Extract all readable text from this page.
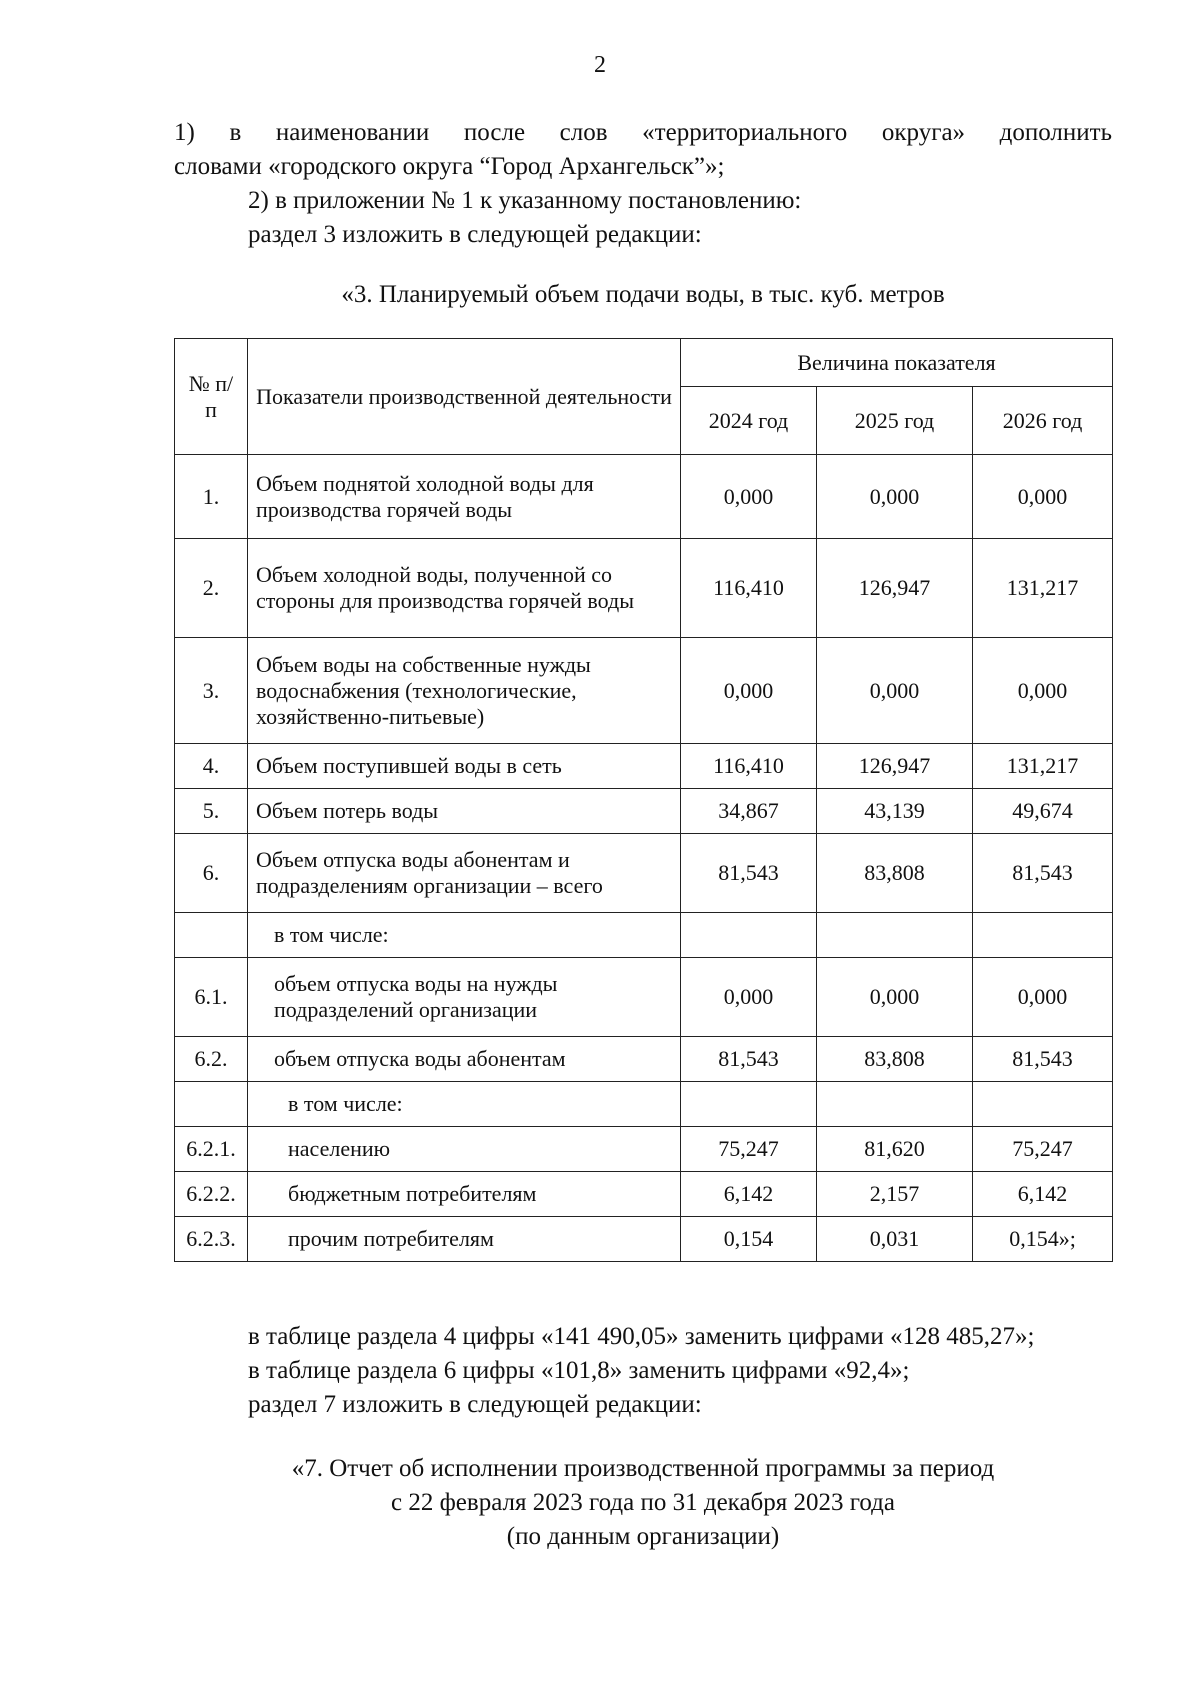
2
1) в наименовании после слов «территориального округа» дополнить
словами «городского округа “Город Архангельск”»;
2) в приложении № 1 к указанному постановлению:
раздел 3 изложить в следующей редакции:
«3. Планируемый объем подачи воды, в тыс. куб. метров
№ п/п	Показатели производственной деятельности	Величина показателя		
		2024 год	2025 год	2026 год
1.	Объем поднятой холодной воды для производства горячей воды	0,000	0,000	0,000
2.	Объем холодной воды, полученной со стороны для производства горячей воды	116,410	126,947	131,217
3.	Объем воды на собственные нужды водоснабжения (технологические, хозяйственно-питьевые)	0,000	0,000	0,000
4.	Объем поступившей воды в сеть	116,410	126,947	131,217
5.	Объем потерь воды	34,867	43,139	49,674
6.	Объем отпуска воды абонентам и подразделениям организации – всего	81,543	83,808	81,543
	в том числе:			
6.1.	объем отпуска воды на нужды подразделений организации	0,000	0,000	0,000
6.2.	объем отпуска воды абонентам	81,543	83,808	81,543
	в том числе:			
6.2.1.	населению	75,247	81,620	75,247
6.2.2.	бюджетным потребителям	6,142	2,157	6,142
6.2.3.	прочим потребителям	0,154	0,031	0,154»;
в таблице раздела 4 цифры «141 490,05» заменить цифрами «128 485,27»;
в таблице раздела 6 цифры «101,8» заменить цифрами «92,4»;
раздел 7 изложить в следующей редакции:
«7. Отчет об исполнении производственной программы за период
с 22 февраля 2023 года по 31 декабря 2023 года
(по данным организации)
